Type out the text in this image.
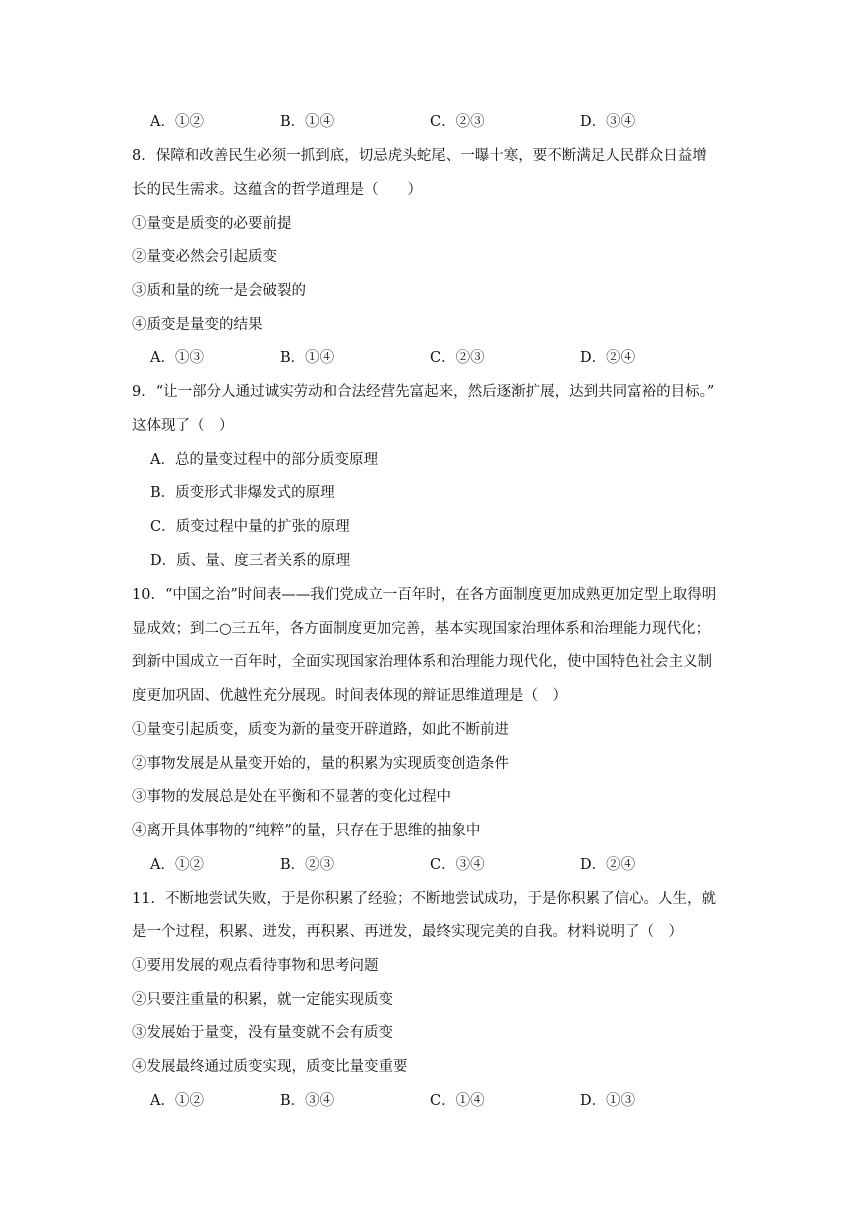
A．①②	B．①④	C．②③	D．③④
8．保障和改善民生必须一抓到底，切忌虎头蛇尾、一曝十寒，要不断满足人民群众日益增
长的民生需求。这蕴含的哲学道理是（　　）
①量变是质变的必要前提
②量变必然会引起质变
③质和量的统一是会破裂的
④质变是量变的结果
A．①③	B．①④	C．②③	D．②④
9．“让一部分人通过诚实劳动和合法经营先富起来，然后逐渐扩展，达到共同富裕的目标。”
这体现了（　）
A．总的量变过程中的部分质变原理
B．质变形式非爆发式的原理
C．质变过程中量的扩张的原理
D．质、量、度三者关系的原理
10．“中国之治”时间表——我们党成立一百年时，在各方面制度更加成熟更加定型上取得明
显成效；到二○三五年，各方面制度更加完善，基本实现国家治理体系和治理能力现代化；
到新中国成立一百年时，全面实现国家治理体系和治理能力现代化，使中国特色社会主义制
度更加巩固、优越性充分展现。时间表体现的辩证思维道理是（　）
①量变引起质变，质变为新的量变开辟道路，如此不断前进
②事物发展是从量变开始的，量的积累为实现质变创造条件
③事物的发展总是处在平衡和不显著的变化过程中
④离开具体事物的“纯粹”的量，只存在于思维的抽象中
A．①②	B．②③	C．③④	D．②④
11．不断地尝试失败，于是你积累了经验；不断地尝试成功，于是你积累了信心。人生，就
是一个过程，积累、迸发，再积累、再迸发，最终实现完美的自我。材料说明了（　）
①要用发展的观点看待事物和思考问题
②只要注重量的积累，就一定能实现质变
③发展始于量变，没有量变就不会有质变
④发展最终通过质变实现，质变比量变重要
A．①②	B．③④	C．①④	D．①③
